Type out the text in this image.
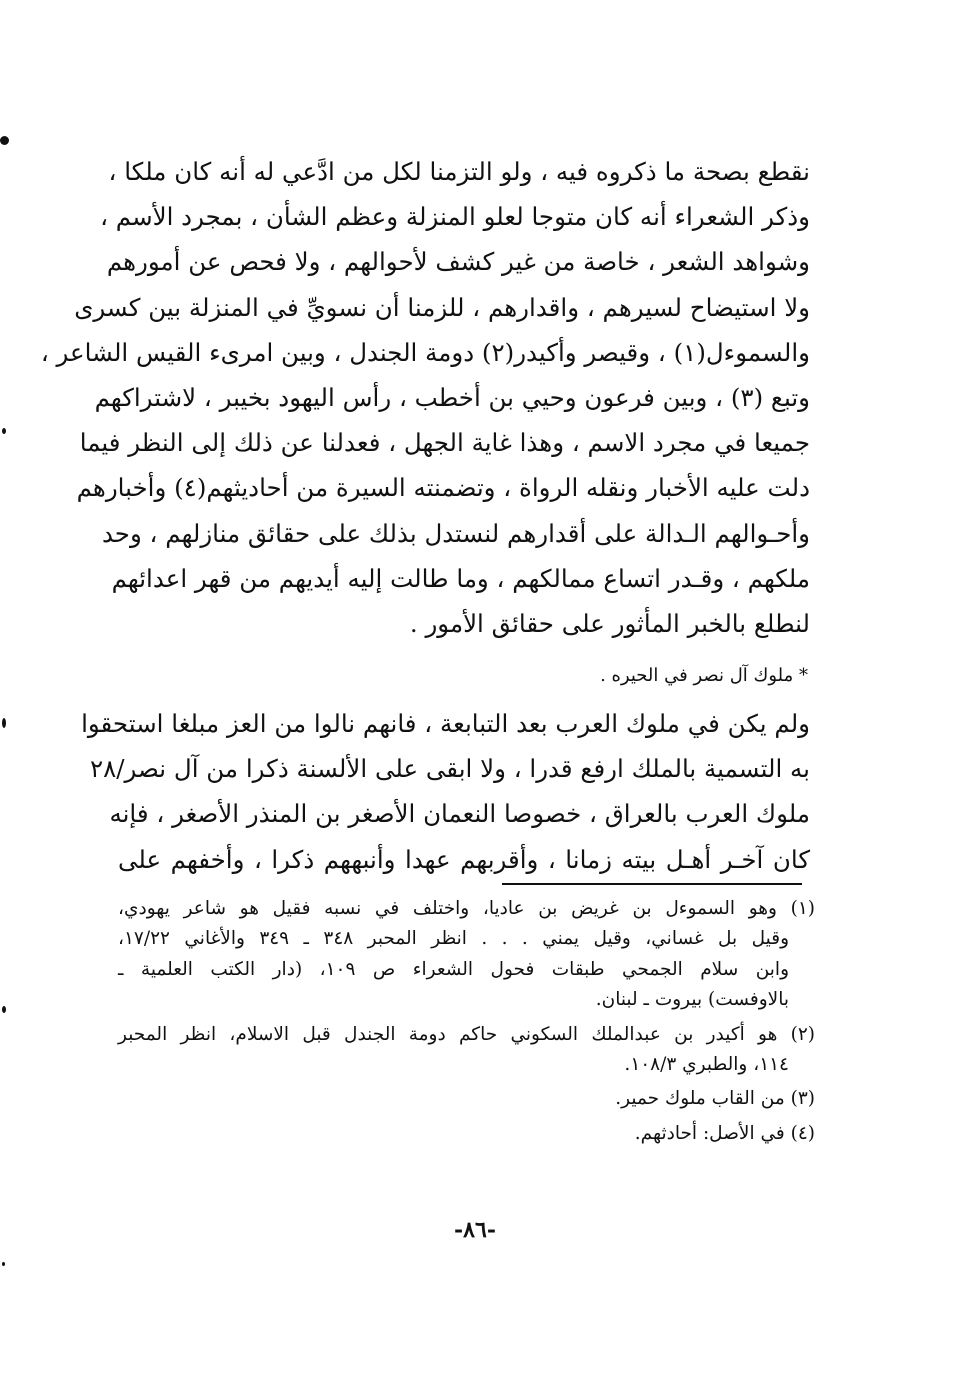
نقطع بصحة ما ذكروه فيه ، ولو التزمنا لكل من ادَّعي له أنه كان ملكا ،
وذكر الشعراء أنه كان متوجا لعلو المنزلة وعظم الشأن ، بمجرد الأسم ،
وشواهد الشعر ، خاصة من غير كشف لأحوالهم ، ولا فحص عن أمورهم
ولا استيضاح لسيرهم ، واقدارهم ، للزمنا أن نسويِّ في المنزلة بين كسرى
والسموءل(١) ، وقيصر وأكيدر(٢) دومة الجندل ، وبين امرىء القيس الشاعر ،
وتبع (٣) ، وبين فرعون وحيي بن أخطب ، رأس اليهود بخيبر ، لاشتراكهم
جميعا في مجرد الاسم ، وهذا غاية الجهل ، فعدلنا عن ذلك إلى النظر فيما
دلت عليه الأخبار ونقله الرواة ، وتضمنته السيرة من أحاديثهم(٤) وأخبارهم
وأحـوالهم الـدالة على أقدارهم لنستدل بذلك على حقائق منازلهم ، وحد
ملكهم ، وقـدر اتساع ممالكهم ، وما طالت إليه أيديهم من قهر اعدائهم
لنطلع بالخبر المأثور على حقائق الأمور .
* ملوك آل نصر في الحيره .
ولم يكن في ملوك العرب بعد التبابعة ، فانهم نالوا من العز مبلغا استحقوا
به التسمية بالملك ارفع قدرا ، ولا ابقى على الألسنة ذكرا من آل نصر/٢٨
ملوك العرب بالعراق ، خصوصا النعمان الأصغر بن المنذر الأصغر ، فإنه
كان آخـر أهـل بيته زمانا ، وأقربهم عهدا وأنبههم ذكرا ، وأخفهم على
(١) وهو السموءل بن غريض بن عاديا، واختلف في نسبه فقيل هو شاعر يهودي،
وقيل بل غساني، وقيل يمني . . . انظر المحبر ٣٤٨ ـ ٣٤٩ والأغاني ١٧/٢٢،
وابن سلام الجمحي طبقات فحول الشعراء ص ١٠٩، (دار الكتب العلمية ـ
بالاوفست) بيروت ـ لبنان.
(٢) هو أكيدر بن عبدالملك السكوني حاكم دومة الجندل قبل الاسلام، انظر المحبر
١١٤، والطبري ١٠٨/٣.
(٣) من القاب ملوك حمير.
(٤) في الأصل: أحادثهم.
-٨٦-
